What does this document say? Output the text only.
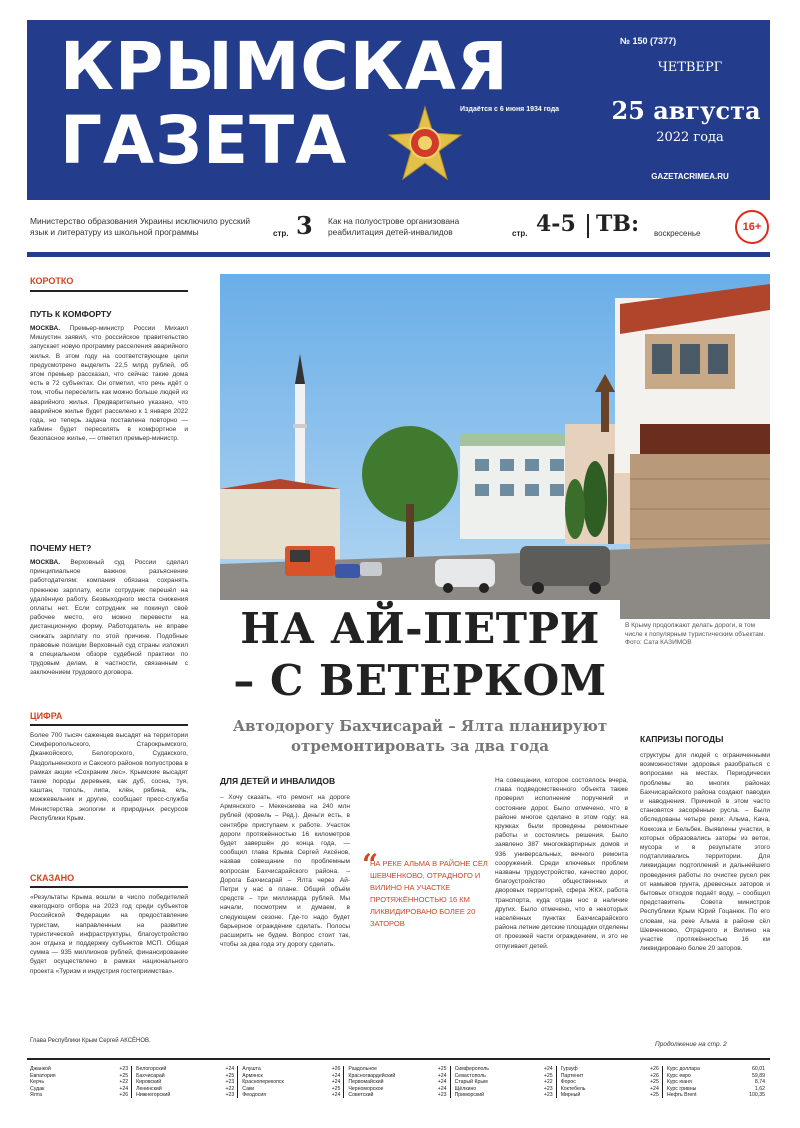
КРЫМСКАЯ
ГАЗЕТА	Издаётся с 6 июня 1934 года
№ 150 (7377)
ЧЕТВЕРГ
25 августа
2022 года
GAZETACRIMEA.RU
Министерство образования Украины исключило русский язык и литературу из школьной программы	стр. 3 Как на полуострове организована реабилитация детей-инвалидов	стр. 4-5 ТВ: воскресенье
16+
КОРОТКО
ПУТЬ К КОМФОРТУ
МОСКВА. Премьер-министр России Михаил Мишустин заявил, что российское правительство запускает новую программу расселения аварийного жилья. В этом году на соответствующие цели предусмотрено выделить 22,5 млрд рублей, об этом премьер рассказал, что сейчас такие дома есть в 72 субъектах. Он отметил, что речь идёт о том, чтобы переселить как можно больше людей из аварийного жилья. Предварительно указано, что аварийное жилье будет расселено к 1 января 2022 года, но теперь задача поставлена повторно — кабмин будет переселять в комфортное и безопасное жилье, — отметил премьер-министр.
ПОЧЕМУ НЕТ?
МОСКВА. Верховный суд России сделал принципиальное важное разъяснение работодателям: компания обязана сохранять прежнюю зарплату, если сотрудник перешёл на удалённую работу. Безвыходного места снижения оплаты нет. Если сотрудник не покинул своё рабочее место, его можно перевести на дистанционную форму. Работодатель не вправе снижать зарплату по этой причине. Подобные правовые позиции Верховный суд страны изложил в специальном обзоре судебной практики по трудовым делам, в частности, связанным с заключением трудового договора.
ЦИФРА
Более 700 тысяч саженцев высадят на территории Симферопольского, Старокрымского, Джанкойского, Белогорского, Судакского, Раздольненского и Сакского районов полуострова в рамках акции «Сохраним лес». Крымские высадят такие породы деревьев, как дуб, сосна, туя, каштан, тополь, липа, клён, рябина, ель, можжевельник и другие, сообщает пресс-служба Министерства экологии и природных ресурсов Республики Крым.
СКАЗАНО
«Результаты Крыма вошли в число победителей ежегодного отбора на 2023 год среди субъектов Российской Федерации на предоставление туристам, направленным на развитие туристической инфраструктуры, благоустройство зон отдыха и поддержку субъектов МСП. Общая сумма — 935 миллионов рублей, финансирование будет осуществлено в рамках национального проекта «Туризм и индустрия гостеприимства».
Глава Республики Крым Сергей АКСЁНОВ.
НА АЙ-ПЕТРИ
– С ВЕТЕРКОМ
Автодорогу Бахчисарай – Ялта планируют отремонтировать за два года
В Крыму продолжают делать дороги, в том числе к популярным туристическим объектам. Фото: Сата КАЗИМОВ
ДЛЯ ДЕТЕЙ И ИНВАЛИДОВ
– Хочу сказать, что ремонт на дороге Армянского – Мекензиева на 240 млн рублей (кровель – Ред.). Деньги есть, в сентябре приступаем к работе. Участок дороги протяжённостью 16 километров будет завершён до конца года, — сообщил глава Крыма Сергей Аксёнов, назвав совещание по проблемным вопросам Бахчисарайского района. – Дорога Бахчисарай – Ялта через Ай-Петри у нас в плане. Общий объём средств – три миллиарда рублей. Мы начали, посмотрим и думаем, в следующем сезоне. Где-то надо будет барьерное ограждение сделать. Полосы расширить не будем. Вопрос стоит так, чтобы за два года эту дорогу сделать.
“
НА РЕКЕ АЛЬМА В РАЙОНЕ СЁЛ ШЕВЧЕНКОВО, ОТРАДНОГО И ВИЛИНО НА УЧАСТКЕ ПРОТЯЖЁННОСТЬЮ 16 КМ ЛИКВИДИРОВАНО БОЛЕЕ 20 ЗАТОРОВ
На совещании, которое состоялось вчера, глава подведомственного объекта также проверил исполнение поручений и состояние дорог. Было отмечено, что в районе многое сделано в этом году: на кружках были проведены ремонтные работы и состоялись решения. Было заявлено 387 многоквартирных домов и 936 универсальных, вечного ремонта сооружений. Среди ключевых проблем названы трудоустройство, качество дорог, благоустройство общественных и дворовых территорий, сфера ЖКХ, работа транспорта, куда отдан нос в наличие других. Было отмечено, что в некоторых населённых пунктах Бахчисарайского района летние детские площадки отделены от проезжей части ограждением, и это не отпугивает детей.
КАПРИЗЫ ПОГОДЫ
структуры для людей с ограниченными возможностями здоровья разобраться с вопросами на местах. Периодически проблемы во многих районах Бахчисарайского района создают паводки и наводнения. Причиной в этом часто становятся засорённые русла. – Были обследованы четыре реки: Альма, Кача, Коккозка и Бельбек. Выявлены участки, в которых образовались заторы из веток, мусора и в результате этого подтапливались территории. Для ликвидации подтоплений и дальнейшего проведения работы по очистке русел рек от намывов грунта, древесных заторов и бытовых отходов подаёт воду, – сообщил представитель Совета министров Республики Крым Юрий Гоцанюк. По его словам, на реке Альма в районе сёл Шевченково, Отрадного и Вилино на участке протяжённостью 16 км ликвидировано более 20 заторов.
Продолжение на стр. 2
Джанкой	+23
Евпатория	+25
Керчь	+22
Судак	+24
Ялта	+26
Белогорский	+24
Бахчисарай	+25
Кировский	+23
Ленинский	+22
Нижнегорский	+23
Алушта	+26
Армянск	+24
Красноперекопск	+24
Саки	+25
Феодосия	+24
Раздольное	+25
Красногвардейский	+24
Первомайский	+24
Черноморское	+24
Советский	+23
Симферополь	+24
Севастополь	+25
Старый Крым	+22
Щёлкино	+23
Приморский	+23
Гурзуф	+26
Партенит	+26
Форос	+25
Коктебель	+24
Мирный	+25
Курс доллара	60,01
Курс евро	59,89
Курс юаня	8,74
Курс гривны	1,62
Нефть Brent	100,35
